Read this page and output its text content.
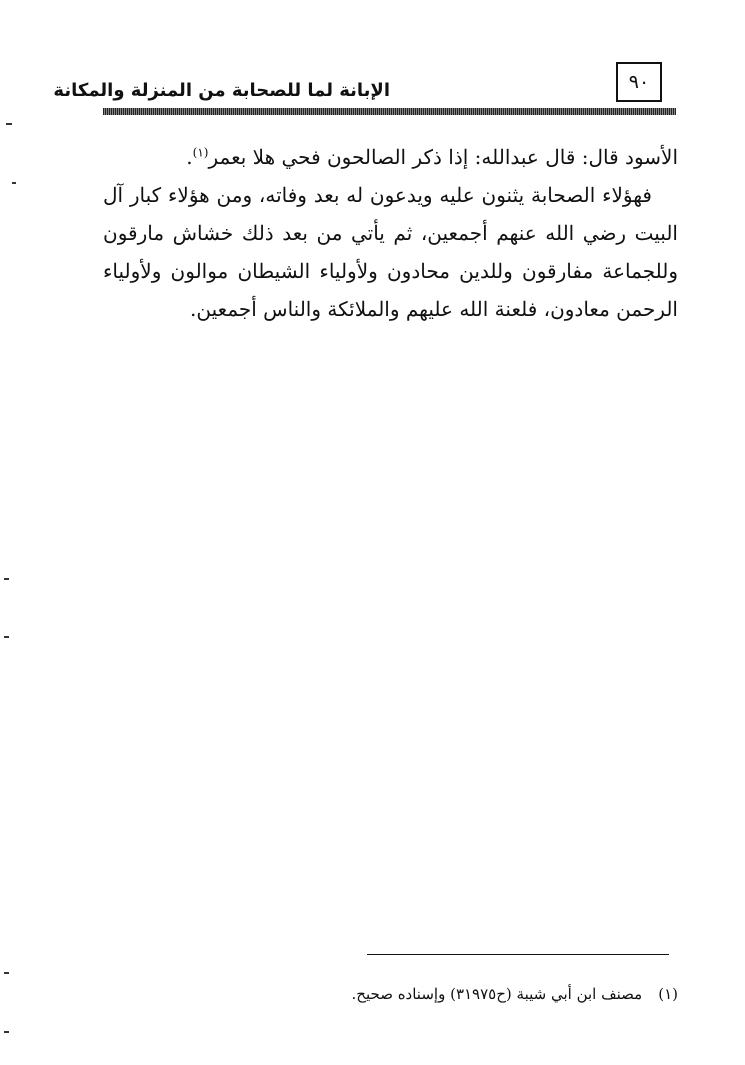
الإبانة لما للصحابة من المنزلة والمكانة	٩٠

الأسود قال: قال عبدالله: إذا ذكر الصالحون فحي هلا بعمر$^{(١)}$.

فهؤلاء الصحابة يثنون عليه ويدعون له بعد وفاته، ومن هؤلاء كبار آل البيت رضي الله عنهم أجمعين، ثم يأتي من بعد ذلك خشاش مارقون وللجماعة مفارقون وللدين محادون ولأولياء الشيطان موالون ولأولياء الرحمن معادون، فلعنة الله عليهم والملائكة والناس أجمعين.

(١)مصنف ابن أبي شيبة (ح٣١٩٧٥) وإسناده صحيح.
